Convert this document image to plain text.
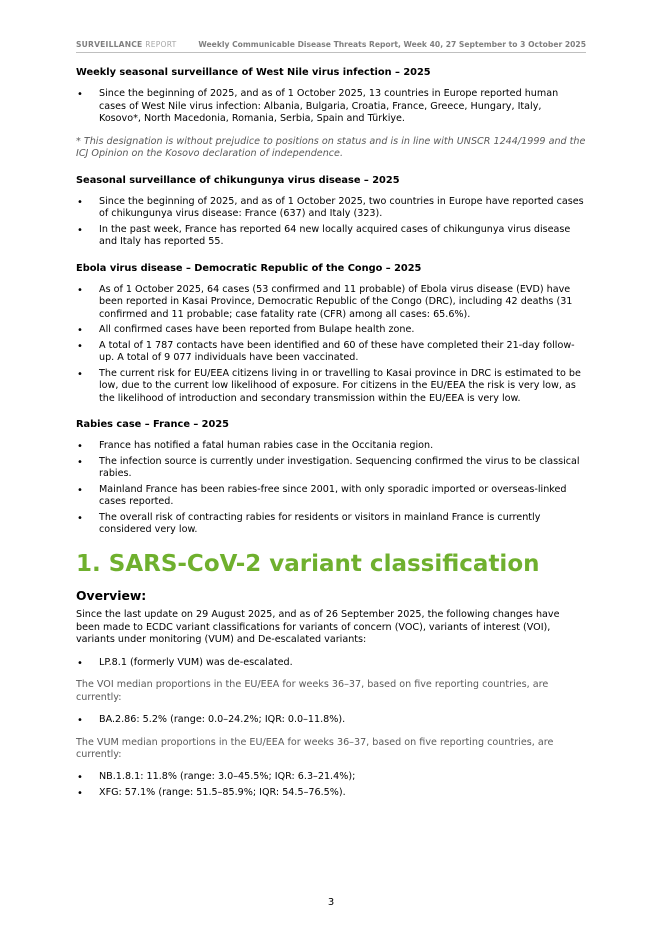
SURVEILLANCE REPORT	Weekly Communicable Disease Threats Report, Week 40, 27 September to 3 October 2025
Weekly seasonal surveillance of West Nile virus infection – 2025
• Since the beginning of 2025, and as of 1 October 2025, 13 countries in Europe reported human cases of West Nile virus infection: Albania, Bulgaria, Croatia, France, Greece, Hungary, Italy, Kosovo*, North Macedonia, Romania, Serbia, Spain and Türkiye.

* This designation is without prejudice to positions on status and is in line with UNSCR 1244/1999 and the ICJ Opinion on the Kosovo declaration of independence.

Seasonal surveillance of chikungunya virus disease – 2025
• Since the beginning of 2025, and as of 1 October 2025, two countries in Europe have reported cases of chikungunya virus disease: France (637) and Italy (323).
• In the past week, France has reported 64 new locally acquired cases of chikungunya virus disease and Italy has reported 55.
Ebola virus disease – Democratic Republic of the Congo – 2025
• As of 1 October 2025, 64 cases (53 confirmed and 11 probable) of Ebola virus disease (EVD) have been reported in Kasai Province, Democratic Republic of the Congo (DRC), including 42 deaths (31 confirmed and 11 probable; case fatality rate (CFR) among all cases: 65.6%).
• All confirmed cases have been reported from Bulape health zone.
• A total of 1 787 contacts have been identified and 60 of these have completed their 21-day follow-up. A total of 9 077 individuals have been vaccinated.
• The current risk for EU/EEA citizens living in or travelling to Kasai province in DRC is estimated to be low, due to the current low likelihood of exposure. For citizens in the EU/EEA the risk is very low, as the likelihood of introduction and secondary transmission within the EU/EEA is very low.
Rabies case – France – 2025
• France has notified a fatal human rabies case in the Occitania region.
• The infection source is currently under investigation. Sequencing confirmed the virus to be classical rabies.
• Mainland France has been rabies-free since 2001, with only sporadic imported or overseas-linked cases reported.
• The overall risk of contracting rabies for residents or visitors in mainland France is currently considered very low.
1. SARS-CoV-2 variant classification
Overview:

Since the last update on 29 August 2025, and as of 26 September 2025, the following changes have been made to ECDC variant classifications for variants of concern (VOC), variants of interest (VOI), variants under monitoring (VUM) and De-escalated variants:

• LP.8.1 (formerly VUM) was de-escalated.

The VOI median proportions in the EU/EEA for weeks 36–37, based on five reporting countries, are currently:

• BA.2.86: 5.2% (range: 0.0–24.2%; IQR: 0.0–11.8%).

The VUM median proportions in the EU/EEA for weeks 36–37, based on five reporting countries, are currently:

• NB.1.8.1: 11.8% (range: 3.0–45.5%; IQR: 6.3–21.4%);
• XFG: 57.1% (range: 51.5–85.9%; IQR: 54.5–76.5%).
3
